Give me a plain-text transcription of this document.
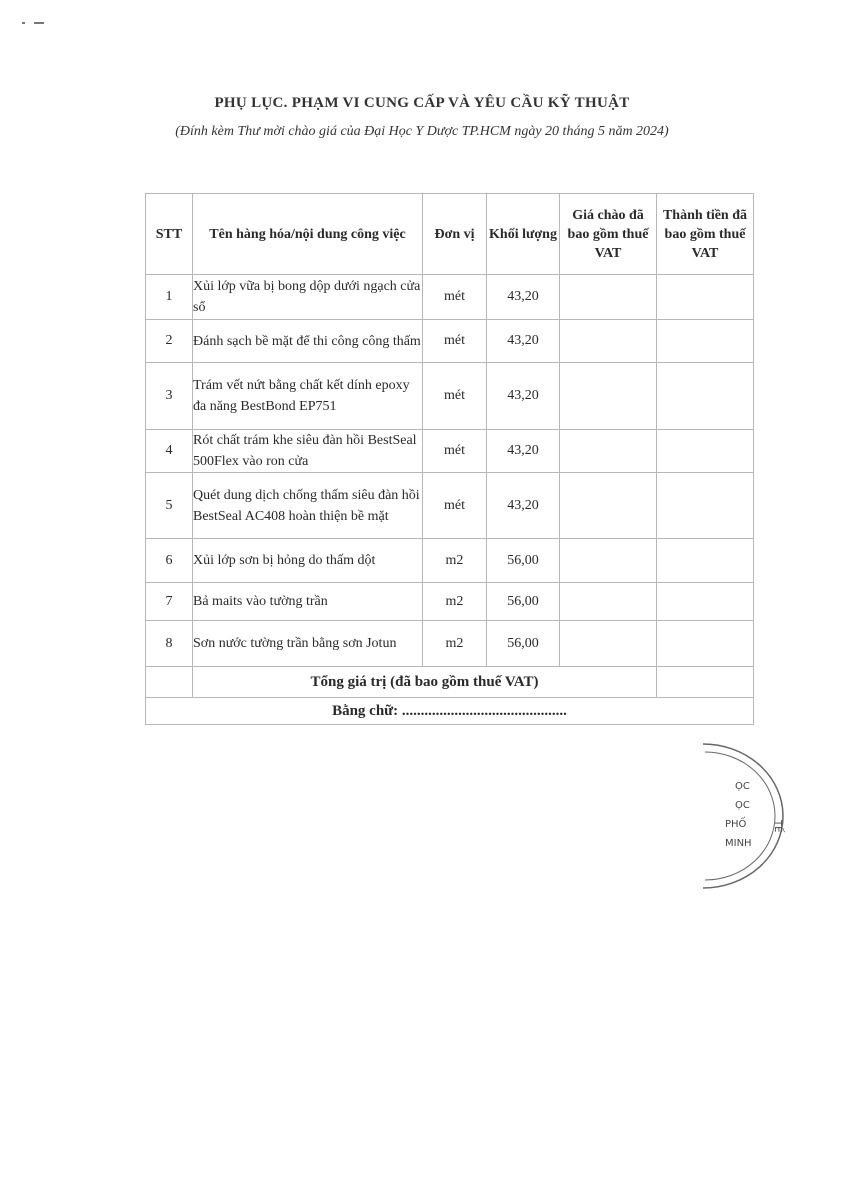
PHỤ LỤC. PHẠM VI CUNG CẤP VÀ YÊU CẦU KỸ THUẬT
(Đính kèm Thư mời chào giá của Đại Học Y Dược TP.HCM ngày 20 tháng 5 năm 2024)
STT	Tên hàng hóa/nội dung công việc	Đơn vị	Khối lượng	Giá chào đã bao gồm thuế VAT	Thành tiền đã bao gồm thuế VAT
1	Xủi lớp vữa bị bong dộp dưới ngạch cửa sổ	mét	43,20		
2	Đánh sạch bề mặt để thi công công thấm	mét	43,20		
3	Trám vết nứt bằng chất kết dính epoxy đa năng BestBond EP751	mét	43,20		
4	Rót chất trám khe siêu đàn hồi BestSeal 500Flex vào ron cửa	mét	43,20		
5	Quét dung dịch chống thấm siêu đàn hồi BestSeal AC408 hoàn thiện bề mặt	mét	43,20		
6	Xủi lớp sơn bị hỏng do thấm dột	m2	56,00		
7	Bả maits vào tường trần	m2	56,00		
8	Sơn nước tường trần bằng sơn Jotun	m2	56,00		
	Tổng giá trị (đã bao gồm thuế VAT)				
Bằng chữ: ............................................					
ỌC
ỌC
PHỐ
MINH
TẾ
